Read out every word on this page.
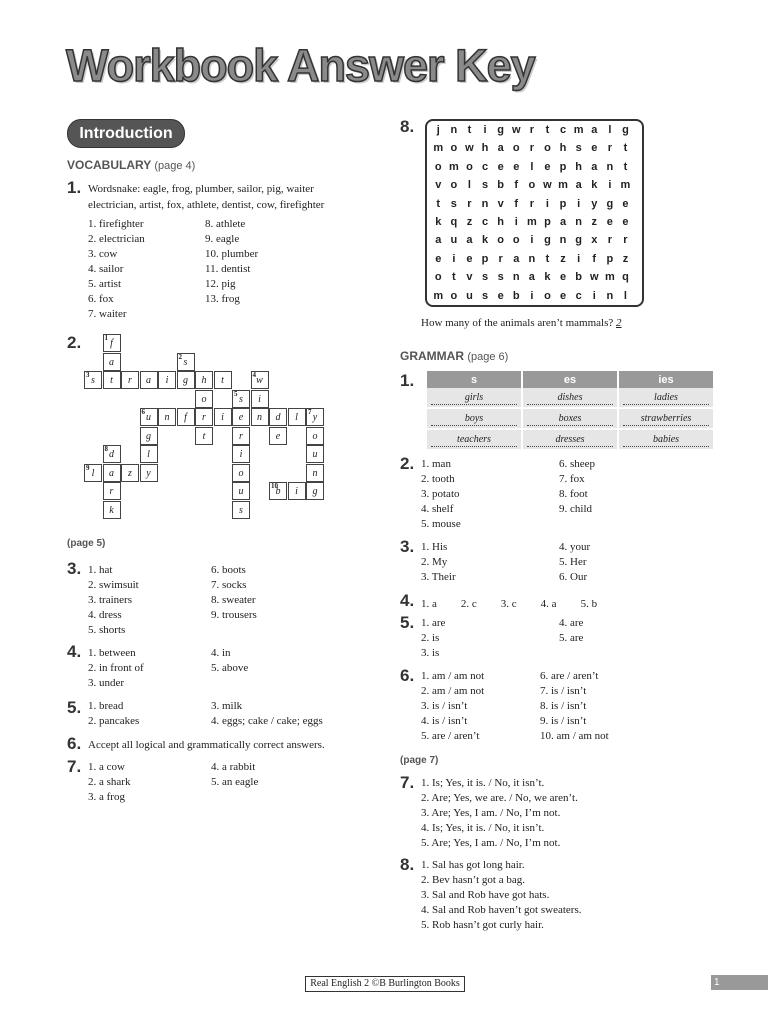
Workbook Answer Key
Introduction
VOCABULARY (page 4)
1. Wordsnake: eagle, frog, plumber, sailor, pig, waiter
electrician, artist, fox, athlete, dentist, cow, firefighter
1. firefighter
2. electrician
3. cow
4. sailor
5. artist
6. fox
7. waiter
8. athlete
9. eagle
10. plumber
11. dentist
12. pig
13. frog
2.	1 f
a	2 s
3 s	t	r	a	i	g	h	t	4 w
o	5 s	i
6 u	n	f	r	i	e	n	d	l	7 y
g	t	r	e	o
8 d	l	i	u
9 l	a	z	y	o	n
r	u	10
b	i	g
k	s
(page 5)
3. 1. hat
2. swimsuit
3. trainers
4. dress
5. shorts
6. boots
7. socks
8. sweater
9. trousers
4. 1. between
2. in front of
3. under
4. in
5. above
5. 1. bread
2. pancakes
3. milk
4. eggs; cake / cake; eggs
6. Accept all logical and grammatically correct answers.
7. 1. a cow
2. a shark
3. a frog
4. a rabbit
5. an eagle
8.	j n t	i g w r	t c m a	l g
m o w h a o r o h s e r	t
o m o c e e	l	e p h a n t
v o l	s b f o w m a k	i m
t s r n v f	r	i p i	y g e
k q z c h i m p a n z e e
a u a k o o i g n g x r	r
e	i	e p r a n t	z	i	f p z
o t v s s n a k e b w m q
m o u s e b i o e c	i n l
How many of the animals aren’t mammals? 2
GRAMMAR (page 6)
1.	s	es	ies
girls	dishes	ladies
boys	boxes	strawberries
teachers	dresses	babies
2. 1. man
2. tooth
3. potato
4. shelf
5. mouse
6. sheep
7. fox
8. foot
9. child
3. 1. His
2. My
3. Their
4. your
5. Her
6. Our
4. 1. a 2. c 3. c 4. a 5. b
5. 1. are
2. is
3. is
4. are
5. are
6. 1. am / am not
2. am / am not
3. is / isn’t
4. is / isn’t
5. are / aren’t
6. are / aren’t
7. is / isn’t
8. is / isn’t
9. is / isn’t
10. am / am not
(page 7)
7. 1. Is; Yes, it is. / No, it isn’t.
2. Are; Yes, we are. / No, we aren’t.
3. Are; Yes, I am. / No, I’m not.
4. Is; Yes, it is. / No, it isn’t.
5. Are; Yes, I am. / No, I’m not.
8. 1. Sal has got long hair.
2. Bev hasn’t got a bag.
3. Sal and Rob have got hats.
4. Sal and Rob haven’t got sweaters.
5. Rob hasn’t got curly hair.
Real English 2 ©B Burlington Books	1
